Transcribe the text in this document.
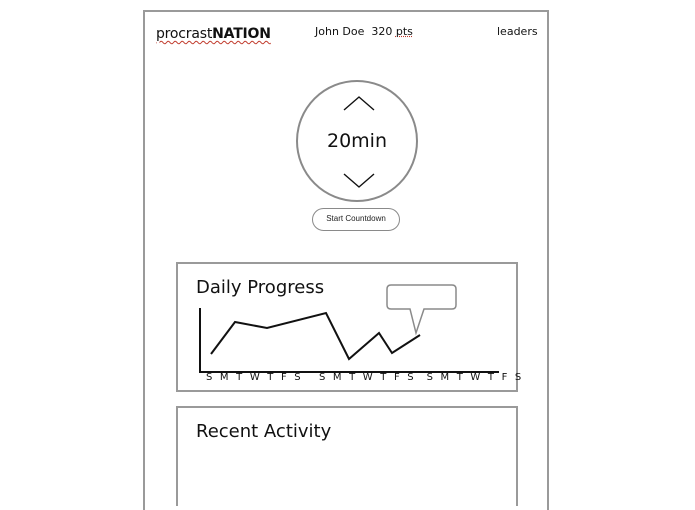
procrastNATION	John Doe 320 pts	leaders
20min
Start Countdown
Daily Progress
S M T W T F S   S M T W T F S  S M T W T F S
Recent Activity
